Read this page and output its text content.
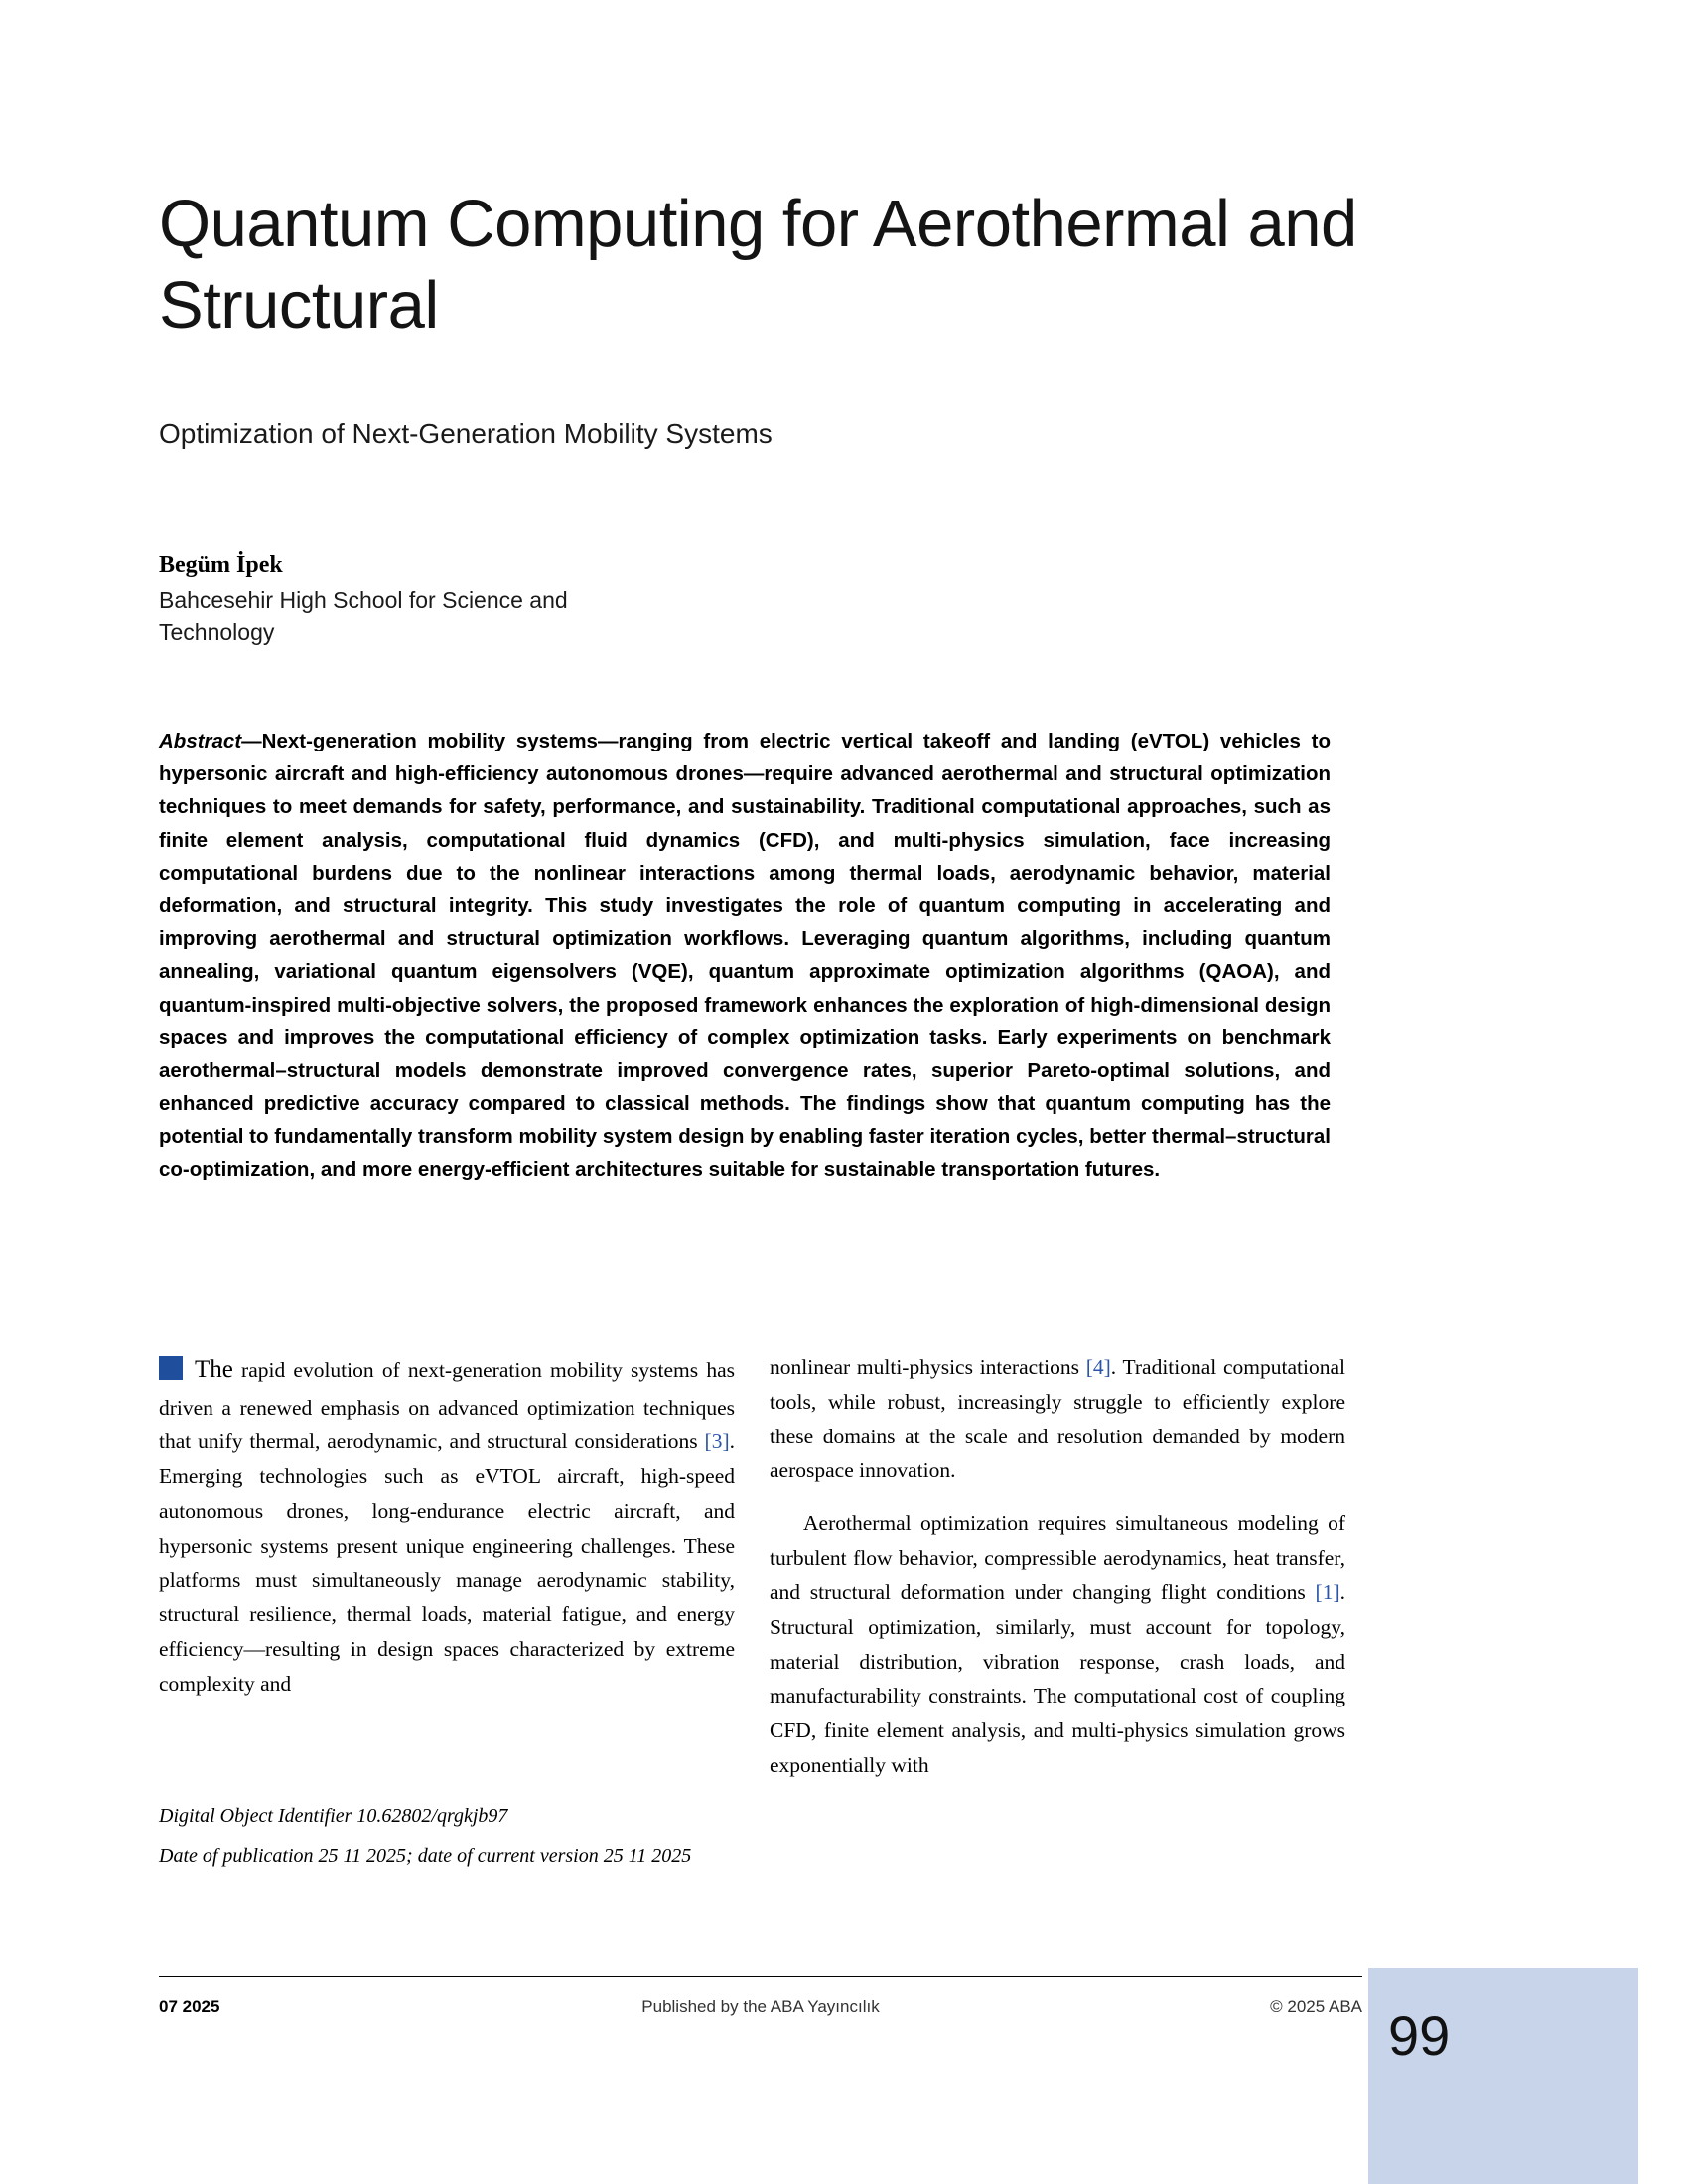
Quantum Computing for Aerothermal and Structural
Optimization of Next-Generation Mobility Systems
Begüm İpek
Bahcesehir High School for Science and Technology
Abstract—Next-generation mobility systems—ranging from electric vertical takeoff and landing (eVTOL) vehicles to hypersonic aircraft and high-efficiency autonomous drones—require advanced aerothermal and structural optimization techniques to meet demands for safety, performance, and sustainability. Traditional computational approaches, such as finite element analysis, computational fluid dynamics (CFD), and multi-physics simulation, face increasing computational burdens due to the nonlinear interactions among thermal loads, aerodynamic behavior, material deformation, and structural integrity. This study investigates the role of quantum computing in accelerating and improving aerothermal and structural optimization workflows. Leveraging quantum algorithms, including quantum annealing, variational quantum eigensolvers (VQE), quantum approximate optimization algorithms (QAOA), and quantum-inspired multi-objective solvers, the proposed framework enhances the exploration of high-dimensional design spaces and improves the computational efficiency of complex optimization tasks. Early experiments on benchmark aerothermal–structural models demonstrate improved convergence rates, superior Pareto-optimal solutions, and enhanced predictive accuracy compared to classical methods. The findings show that quantum computing has the potential to fundamentally transform mobility system design by enabling faster iteration cycles, better thermal–structural co-optimization, and more energy-efficient architectures suitable for sustainable transportation futures.

The rapid evolution of next-generation mobility systems has driven a renewed emphasis on advanced optimization techniques that unify thermal, aerodynamic, and structural considerations [3]. Emerging technologies such as eVTOL aircraft, high-speed autonomous drones, long-endurance electric aircraft, and hypersonic systems present unique engineering challenges. These platforms must simultaneously manage aerodynamic stability, structural resilience, thermal loads, material fatigue, and energy efficiency—resulting in design spaces characterized by extreme complexity and

nonlinear multi-physics interactions [4]. Traditional computational tools, while robust, increasingly struggle to efficiently explore these domains at the scale and resolution demanded by modern aerospace innovation.

Aerothermal optimization requires simultaneous modeling of turbulent flow behavior, compressible aerodynamics, heat transfer, and structural deformation under changing flight conditions [1]. Structural optimization, similarly, must account for topology, material distribution, vibration response, crash loads, and manufacturability constraints. The computational cost of coupling CFD, finite element analysis, and multi-physics simulation grows exponentially with

Digital Object Identifier 10.62802/qrgkjb97
Date of publication 25 11 2025; date of current version 25 11 2025
07 2025	Published by the ABA Yayıncılık	© 2025 ABA 99
